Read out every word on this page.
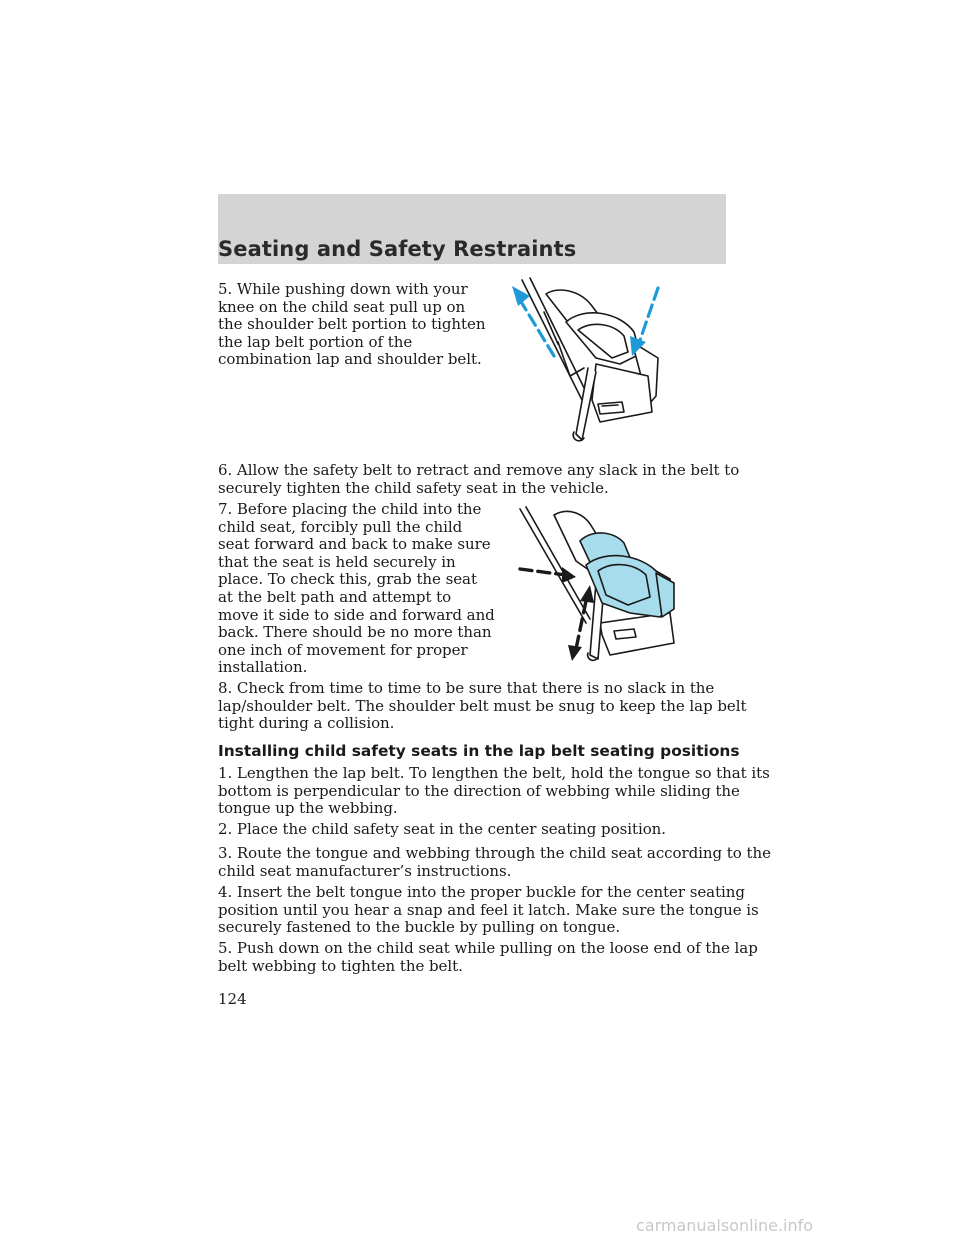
Seating and Safety Restraints

5. While pushing down with your
knee on the child seat pull up on
the shoulder belt portion to tighten
the lap belt portion of the
combination lap and shoulder belt.

6. Allow the safety belt to retract and remove any slack in the belt to
securely tighten the child safety seat in the vehicle.

7. Before placing the child into the
child seat, forcibly pull the child
seat forward and back to make sure
that the seat is held securely in
place. To check this, grab the seat
at the belt path and attempt to
move it side to side and forward and
back. There should be no more than
one inch of movement for proper
installation.

8. Check from time to time to be sure that there is no slack in the
lap/shoulder belt. The shoulder belt must be snug to keep the lap belt
tight during a collision.

Installing child safety seats in the lap belt seating positions

1. Lengthen the lap belt. To lengthen the belt, hold the tongue so that its
bottom is perpendicular to the direction of webbing while sliding the
tongue up the webbing.

2. Place the child safety seat in the center seating position.

3. Route the tongue and webbing through the child seat according to the
child seat manufacturer’s instructions.

4. Insert the belt tongue into the proper buckle for the center seating
position until you hear a snap and feel it latch. Make sure the tongue is
securely fastened to the buckle by pulling on tongue.

5. Push down on the child seat while pulling on the loose end of the lap
belt webbing to tighten the belt.

124
carmanualsonline.info
